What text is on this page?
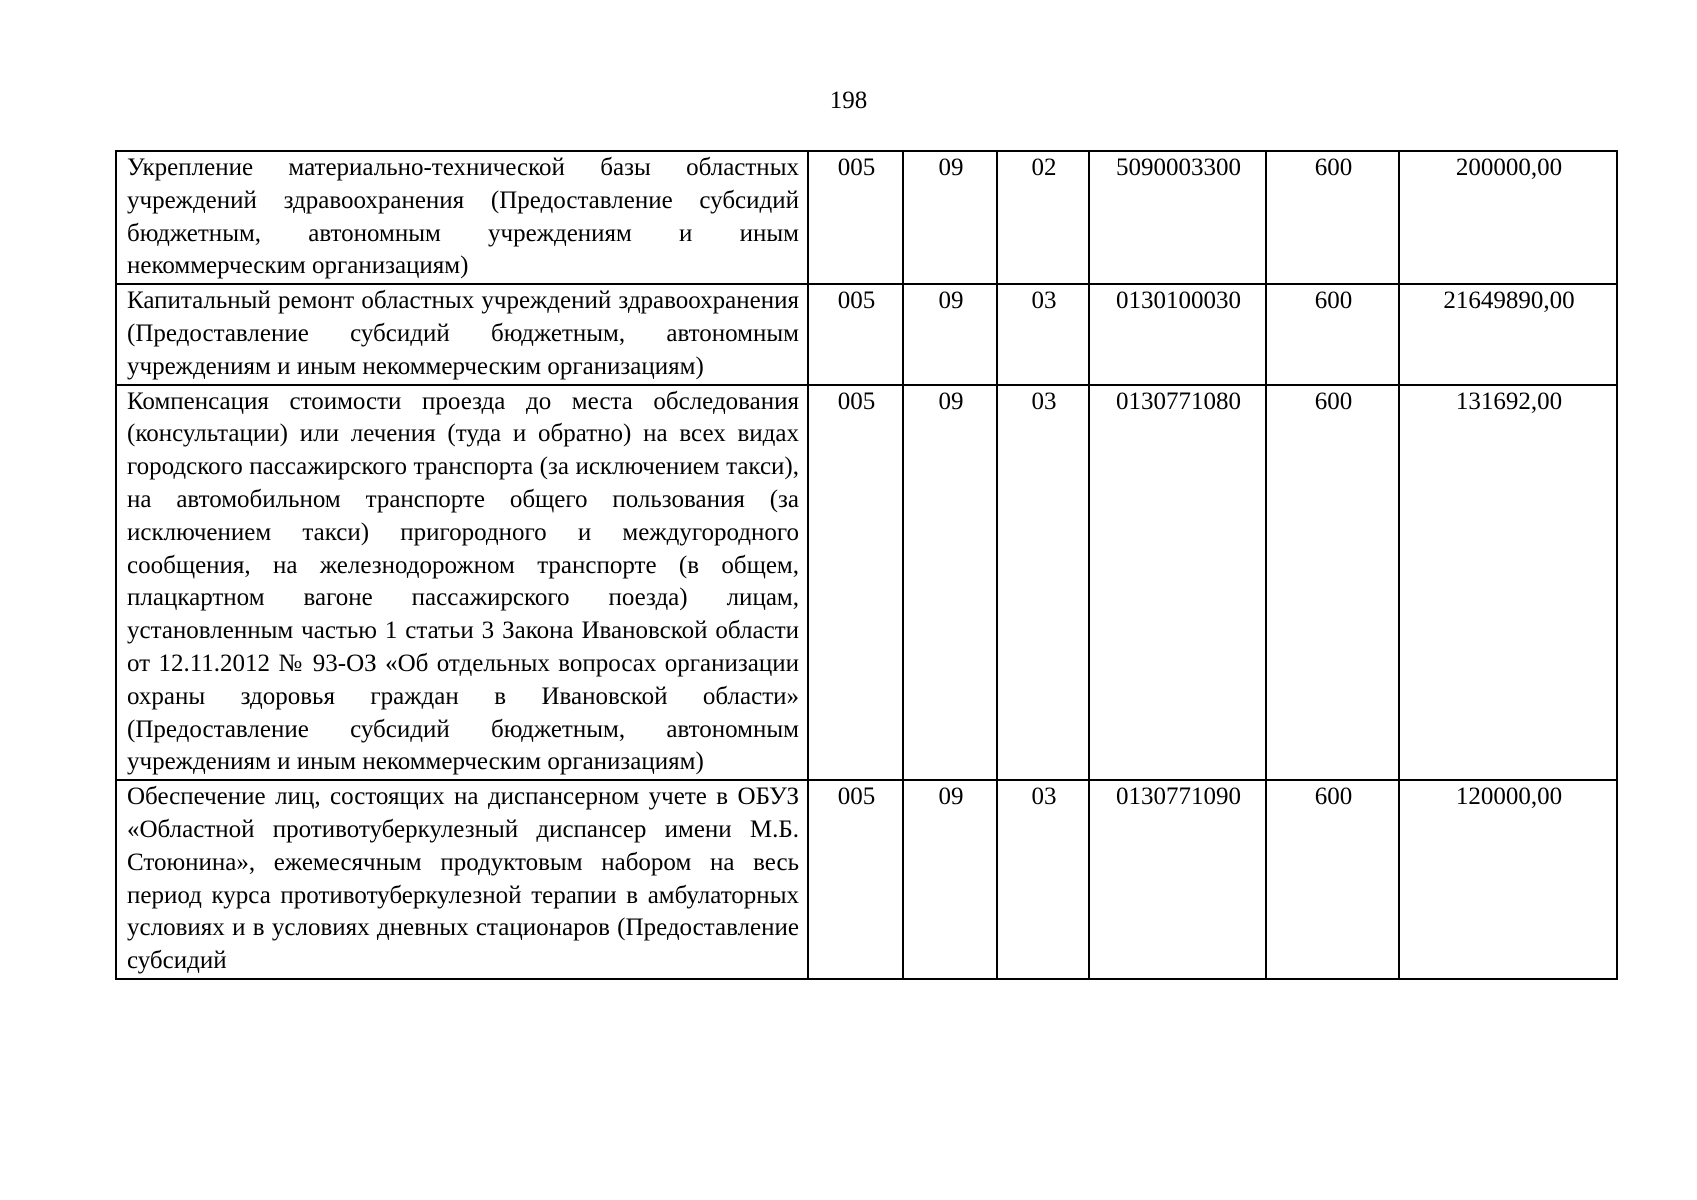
198
Укрепление материально-технической базы областных учреждений здравоохранения (Предоставление субсидий бюджетным, автономным учреждениям и иным некоммерческим организациям)	005	09	02	5090003300	600	200000,00
Капитальный ремонт областных учреждений здравоохранения (Предоставление субсидий бюджетным, автономным учреждениям и иным некоммерческим организациям)	005	09	03	0130100030	600	21649890,00
Компенсация стоимости проезда до места обследования (консультации) или лечения (туда и обратно) на всех видах городского пассажирского транспорта (за исключением такси), на автомобильном транспорте общего пользования (за исключением такси) пригородного и междугородного сообщения, на железнодорожном транспорте (в общем, плацкартном вагоне пассажирского поезда) лицам, установленным частью 1 статьи 3 Закона Ивановской области от 12.11.2012 № 93-ОЗ «Об отдельных вопросах организации охраны здоровья граждан в Ивановской области» (Предоставление субсидий бюджетным, автономным учреждениям и иным некоммерческим организациям)	005	09	03	0130771080	600	131692,00
Обеспечение лиц, состоящих на диспансерном учете в ОБУЗ «Областной противотуберкулезный диспансер имени М.Б. Стоюнина», ежемесячным продуктовым набором на весь период курса противотуберкулезной терапии в амбулаторных условиях и в условиях дневных стационаров (Предоставление субсидий	005	09	03	0130771090	600	120000,00
